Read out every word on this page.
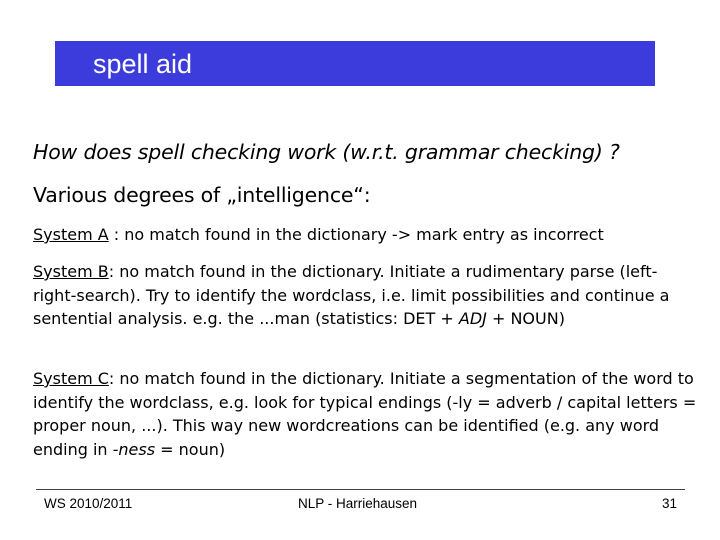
spell aid

How does spell checking work (w.r.t. grammar checking) ?

Various degrees of „intelligence“:

System A : no match found in the dictionary -> mark entry as incorrect

System B: no match found in the dictionary. Initiate a rudimentary parse (left-right-search). Try to identify the wordclass, i.e. limit possibilities and continue a sentential analysis. e.g. the ...man (statistics: DET + ADJ + NOUN)

System C: no match found in the dictionary. Initiate a segmentation of the word to identify the wordclass, e.g. look for typical endings (-ly = adverb / capital letters = proper noun, ...). This way new wordcreations can be identified (e.g. any word ending in -ness = noun)

WS 2010/2011	NLP - Harriehausen	31
